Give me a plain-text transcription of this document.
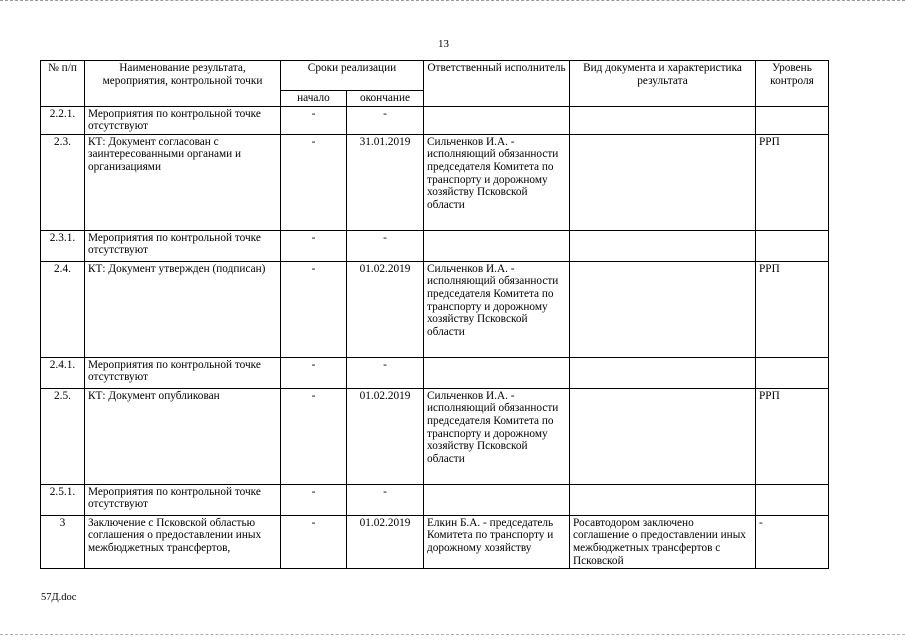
13
№ п/п	Наименование результата, мероприятия, контрольной точки	Сроки реализации		Ответственный исполнитель	Вид документа и характеристика результата	Уровень контроля
		начало	окончание			
2.2.1.	Мероприятия по контрольной точке отсутствуют	-	-			
2.3.	КТ: Документ согласован с заинтересованными органами и организациями	-	31.01.2019	Сильченков И.А. - исполняющий обязанности председателя Комитета по транспорту и дорожному хозяйству Псковской области		РРП
2.3.1.	Мероприятия по контрольной точке отсутствуют	-	-			
2.4.	КТ: Документ утвержден (подписан)	-	01.02.2019	Сильченков И.А. - исполняющий обязанности председателя Комитета по транспорту и дорожному хозяйству Псковской области		РРП
2.4.1.	Мероприятия по контрольной точке отсутствуют	-	-			
2.5.	КТ: Документ опубликован	-	01.02.2019	Сильченков И.А. - исполняющий обязанности председателя Комитета по транспорту и дорожному хозяйству Псковской области		РРП
2.5.1.	Мероприятия по контрольной точке отсутствуют	-	-			
3	Заключение с Псковской областью соглашения о предоставлении иных межбюджетных трансфертов,	-	01.02.2019	Елкин Б.А. - председатель Комитета по транспорту и дорожному хозяйству	Росавтодором заключено соглашение о предоставлении иных межбюджетных трансфертов с Псковской	-
57Д.doc
